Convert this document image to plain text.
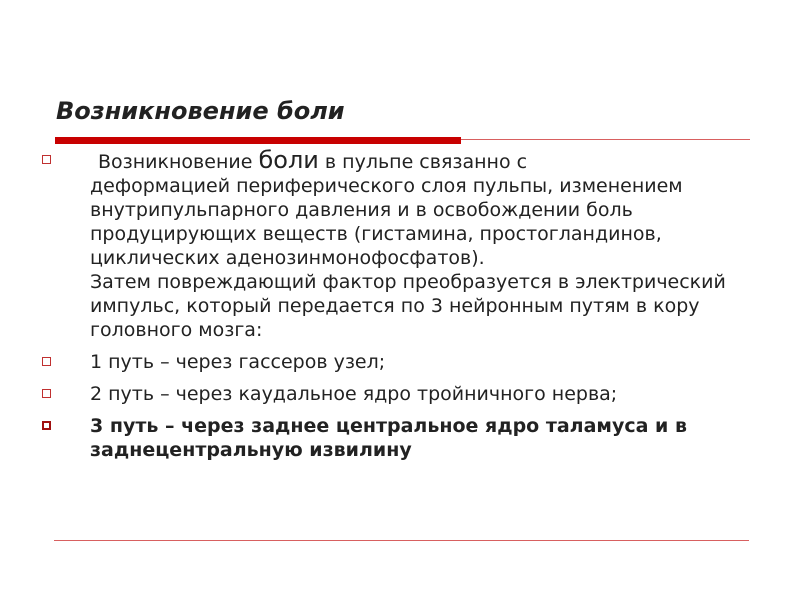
Возникновение боли
Возникновение боли в пульпе связанно с
деформацией периферического слоя пульпы, изменением внутрипульпарного давления и в освобождении боль продуцирующих веществ (гистамина, простогландинов, циклических аденозинмонофосфатов).
Затем повреждающий фактор преобразуется в электрический импульс, который передается по 3 нейронным путям в кору головного мозга:
1 путь – через гассеров узел;
2 путь – через каудальное ядро тройничного нерва;
3 путь – через заднее центральное ядро таламуса и в заднецентральную извилину
